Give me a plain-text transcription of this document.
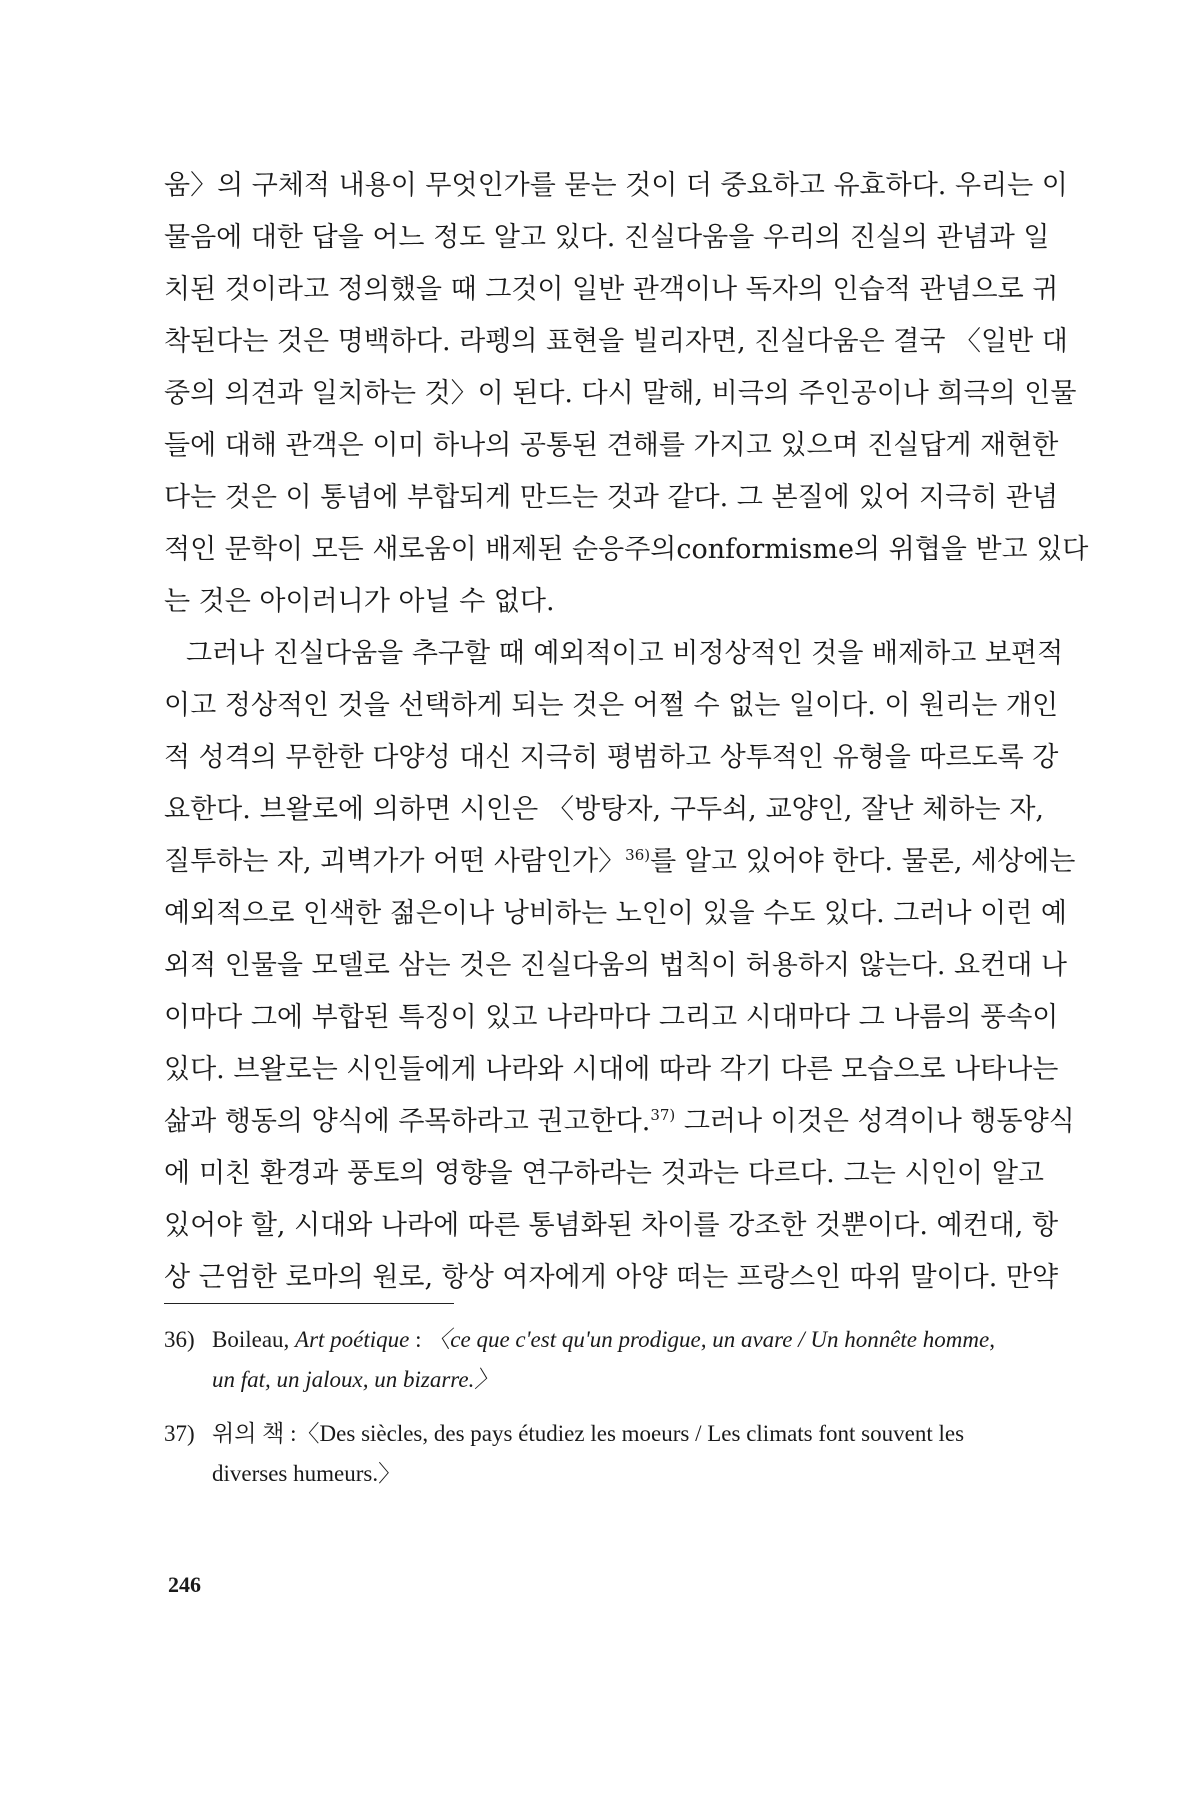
움〉의 구체적 내용이 무엇인가를 묻는 것이 더 중요하고 유효하다. 우리는 이
물음에 대한 답을 어느 정도 알고 있다. 진실다움을 우리의 진실의 관념과 일
치된 것이라고 정의했을 때 그것이 일반 관객이나 독자의 인습적 관념으로 귀
착된다는 것은 명백하다. 라펭의 표현을 빌리자면, 진실다움은 결국 〈일반 대
중의 의견과 일치하는 것〉이 된다. 다시 말해, 비극의 주인공이나 희극의 인물
들에 대해 관객은 이미 하나의 공통된 견해를 가지고 있으며 진실답게 재현한
다는 것은 이 통념에 부합되게 만드는 것과 같다. 그 본질에 있어 지극히 관념
적인 문학이 모든 새로움이 배제된 순응주의conformisme의 위협을 받고 있다
는 것은 아이러니가 아닐 수 없다.
그러나 진실다움을 추구할 때 예외적이고 비정상적인 것을 배제하고 보편적
이고 정상적인 것을 선택하게 되는 것은 어쩔 수 없는 일이다. 이 원리는 개인
적 성격의 무한한 다양성 대신 지극히 평범하고 상투적인 유형을 따르도록 강
요한다. 브왈로에 의하면 시인은 〈방탕자, 구두쇠, 교양인, 잘난 체하는 자,
질투하는 자, 괴벽가가 어떤 사람인가〉$^{36)}$를 알고 있어야 한다. 물론, 세상에는
예외적으로 인색한 젊은이나 낭비하는 노인이 있을 수도 있다. 그러나 이런 예
외적 인물을 모델로 삼는 것은 진실다움의 법칙이 허용하지 않는다. 요컨대 나
이마다 그에 부합된 특징이 있고 나라마다 그리고 시대마다 그 나름의 풍속이
있다. 브왈로는 시인들에게 나라와 시대에 따라 각기 다른 모습으로 나타나는
삶과 행동의 양식에 주목하라고 권고한다.$^{37)}$ 그러나 이것은 성격이나 행동양식
에 미친 환경과 풍토의 영향을 연구하라는 것과는 다르다. 그는 시인이 알고
있어야 할, 시대와 나라에 따른 통념화된 차이를 강조한 것뿐이다. 예컨대, 항
상 근엄한 로마의 원로, 항상 여자에게 아양 떠는 프랑스인 따위 말이다. 만약
36) Boileau, Art poétique : 〈ce que c'est qu'un prodigue, un avare / Un honnête homme,
un fat, un jaloux, un bizarre.〉
37) 위의 책 :〈Des siècles, des pays étudiez les moeurs / Les climats font souvent les
diverses humeurs.〉
246
